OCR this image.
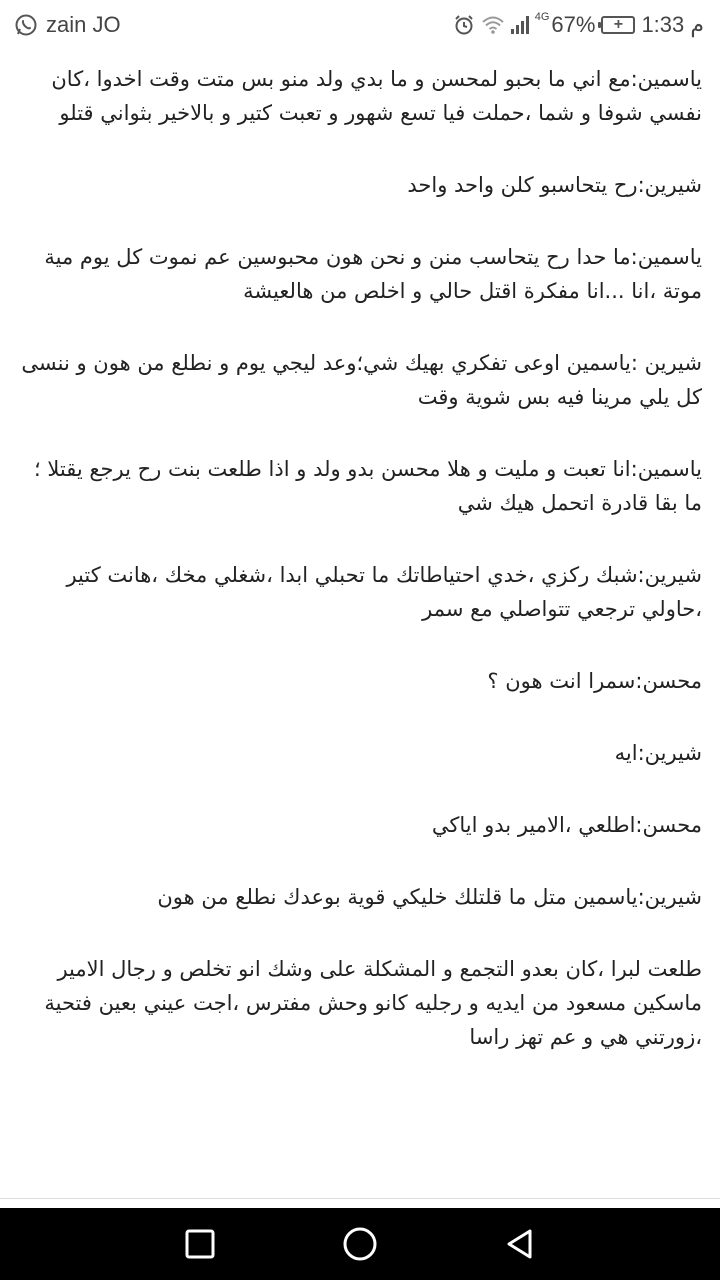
zain JO	4G 67%	+ 1:33 م

ياسمين:مع اني ما بحبو لمحسن و ما بدي ولد منو بس متت وقت اخدوا ،كان نفسي شوفا و شما ،حملت فيا تسع شهور و تعبت كتير و بالاخير بثواني قتلو

شيرين:رح يتحاسبو كلن واحد واحد

ياسمين:ما حدا رح يتحاسب منن و نحن هون محبوسين عم نموت كل يوم مية موتة ،انا ...انا مفكرة اقتل حالي و اخلص من هالعيشة

شيرين :ياسمين اوعى تفكري بهيك شي؛وعد ليجي يوم و نطلع من هون و ننسى كل يلي مرينا فيه بس شوية وقت

ياسمين:انا تعبت و مليت و هلا محسن بدو ولد و اذا طلعت بنت رح يرجع يقتلا ؛ما بقا قادرة اتحمل هيك شي

شيرين:شبك ركزي ،خدي احتياطاتك ما تحبلي ابدا ،شغلي مخك ،هانت كتير ،حاولي ترجعي تتواصلي مع سمر

محسن:سمرا انت هون ؟

شيرين:ايه

محسن:اطلعي ،الامير بدو اياكي

شيرين:ياسمين متل ما قلتلك خليكي قوية بوعدك نطلع من هون

طلعت لبرا ،كان بعدو التجمع و المشكلة على وشك انو تخلص و رجال الامير ماسكين مسعود من ايديه و رجليه كانو وحش مفترس ،اجت عيني بعين فتحية ،زورتني هي و عم تهز راسا
